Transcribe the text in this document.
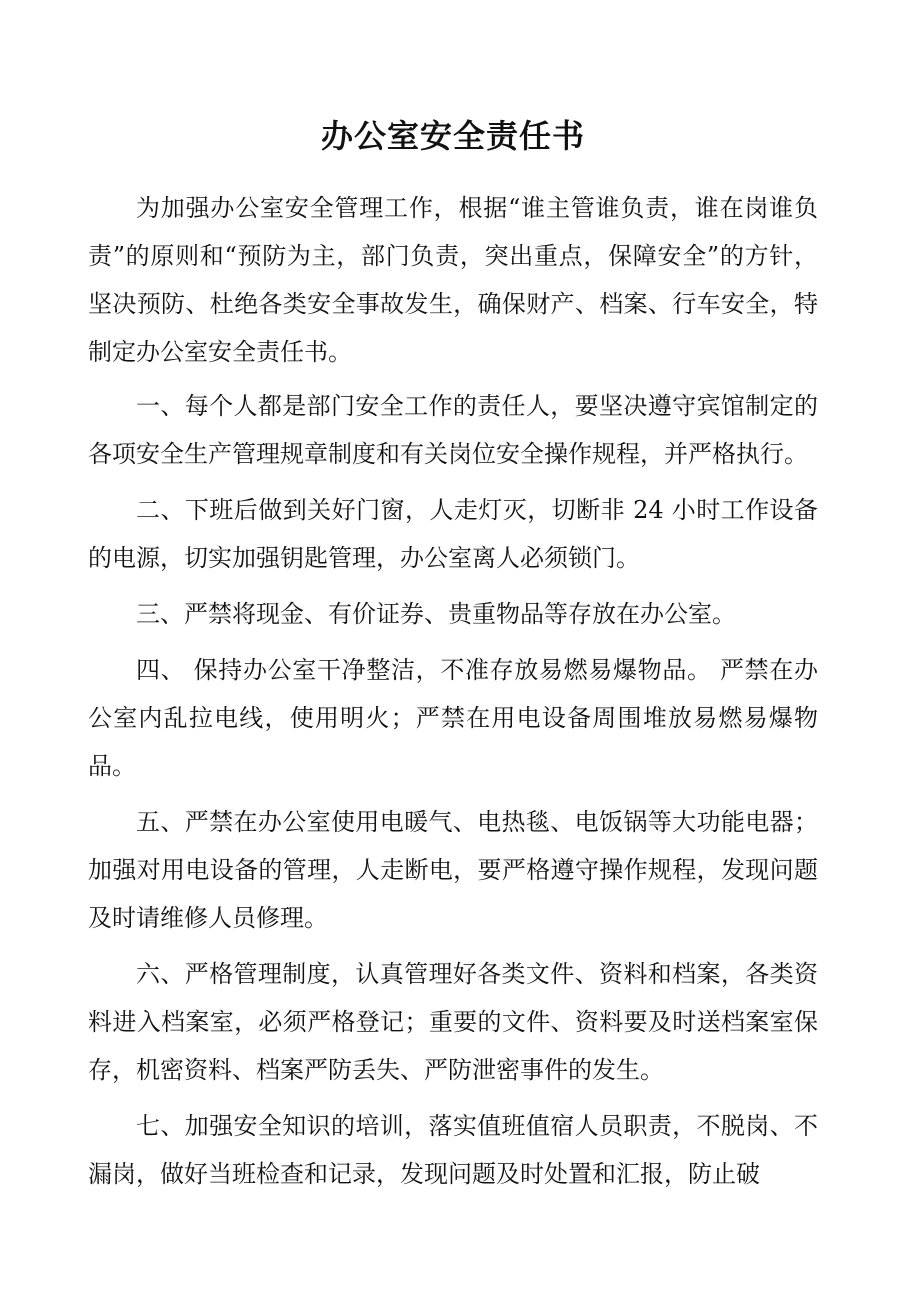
办公室安全责任书

为加强办公室安全管理工作，根据“谁主管谁负责，谁在岗谁负责”的原则和“预防为主，部门负责，突出重点，保障安全”的方针，坚决预防、杜绝各类安全事故发生，确保财产、档案、行车安全，特制定办公室安全责任书。

一、每个人都是部门安全工作的责任人，要坚决遵守宾馆制定的各项安全生产管理规章制度和有关岗位安全操作规程，并严格执行。

二、下班后做到关好门窗，人走灯灭，切断非 24 小时工作设备的电源，切实加强钥匙管理，办公室离人必须锁门。

三、严禁将现金、有价证券、贵重物品等存放在办公室。

四、 保持办公室干净整洁，不准存放易燃易爆物品。 严禁在办公室内乱拉电线，使用明火；严禁在用电设备周围堆放易燃易爆物品。

五、严禁在办公室使用电暖气、电热毯、电饭锅等大功能电器；加强对用电设备的管理，人走断电，要严格遵守操作规程，发现问题及时请维修人员修理。

六、严格管理制度，认真管理好各类文件、资料和档案，各类资料进入档案室，必须严格登记；重要的文件、资料要及时送档案室保存，机密资料、档案严防丢失、严防泄密事件的发生。

七、加强安全知识的培训，落实值班值宿人员职责，不脱岗、不漏岗，做好当班检查和记录，发现问题及时处置和汇报，防止破
